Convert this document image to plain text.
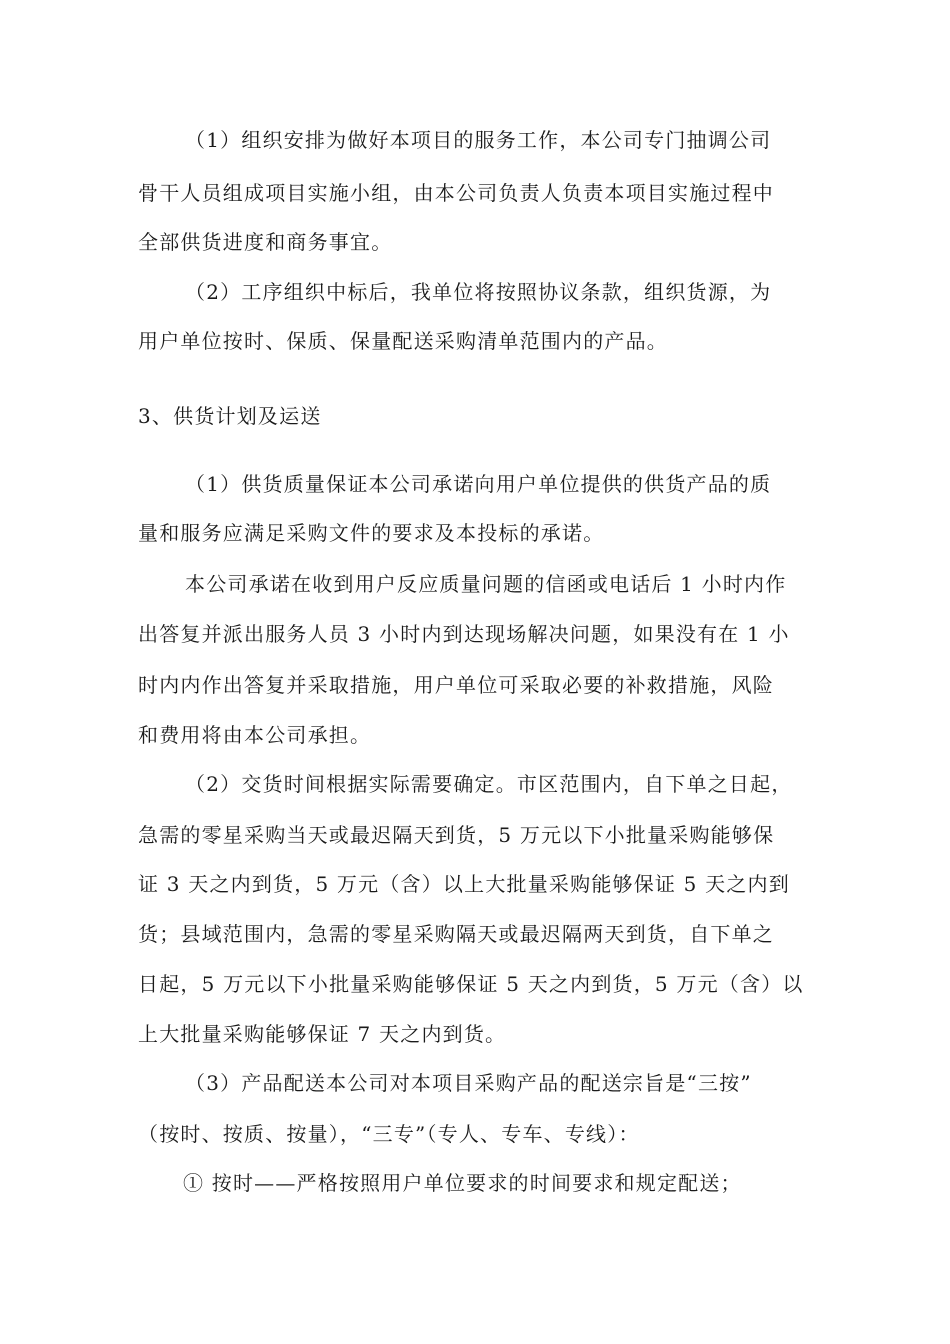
（1）组织安排为做好本项目的服务工作，本公司专门抽调公司
骨干人员组成项目实施小组，由本公司负责人负责本项目实施过程中
全部供货进度和商务事宜。
（2）工序组织中标后，我单位将按照协议条款，组织货源，为
用户单位按时、保质、保量配送采购清单范围内的产品。
3、供货计划及运送
（1）供货质量保证本公司承诺向用户单位提供的供货产品的质
量和服务应满足采购文件的要求及本投标的承诺。
本公司承诺在收到用户反应质量问题的信函或电话后 1 小时内作
出答复并派出服务人员 3 小时内到达现场解决问题，如果没有在 1 小
时内内作出答复并采取措施，用户单位可采取必要的补救措施，风险
和费用将由本公司承担。
（2）交货时间根据实际需要确定。市区范围内，自下单之日起，
急需的零星采购当天或最迟隔天到货，5 万元以下小批量采购能够保
证 3 天之内到货，5 万元（含）以上大批量采购能够保证 5 天之内到
货；县域范围内，急需的零星采购隔天或最迟隔两天到货，自下单之
日起，5 万元以下小批量采购能够保证 5 天之内到货，5 万元（含）以
上大批量采购能够保证 7 天之内到货。
（3）产品配送本公司对本项目采购产品的配送宗旨是“三按”
（按时、按质、按量），“三专”（专人、专车、专线）：
① 按时——严格按照用户单位要求的时间要求和规定配送；
